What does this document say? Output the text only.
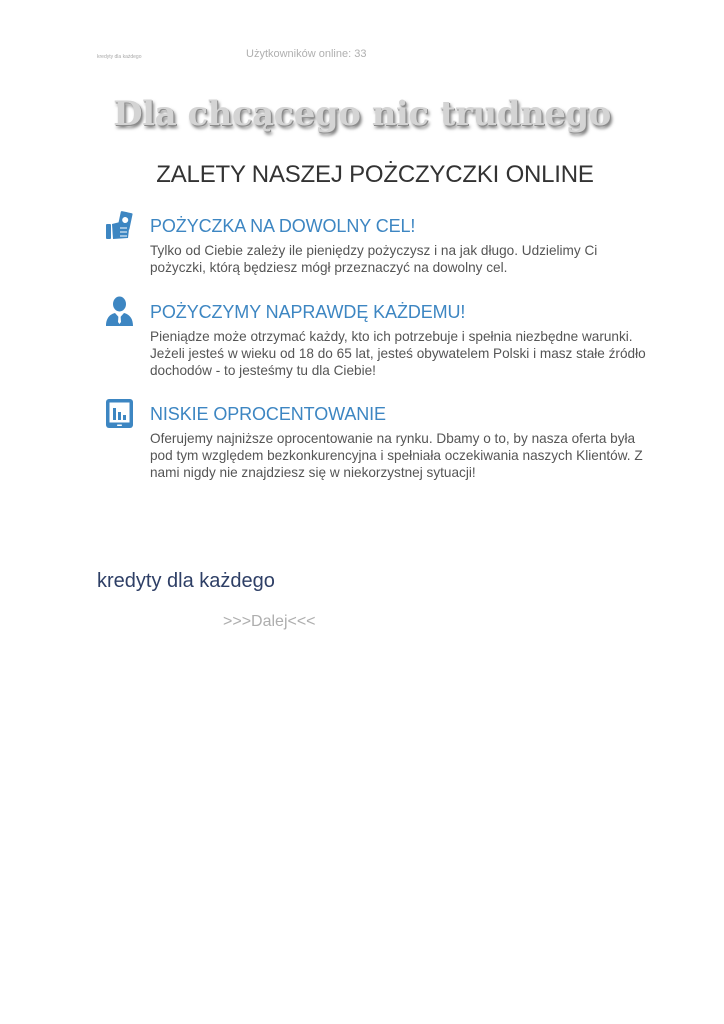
kredyty dla każdego	Użytkowników online: 33
Dla chcącego nic trudnego
ZALETY NASZEJ POŻCZYCZKI ONLINE
POŻYCZKA NA DOWOLNY CEL!
Tylko od Ciebie zależy ile pieniędzy pożyczysz i na jak długo. Udzielimy Ci pożyczki, którą będziesz mógł przeznaczyć na dowolny cel.
POŻYCZYMY NAPRAWDĘ KAŻDEMU!
Pieniądze może otrzymać każdy, kto ich potrzebuje i spełnia niezbędne warunki. Jeżeli jesteś w wieku od 18 do 65 lat, jesteś obywatelem Polski i masz stałe źródło dochodów - to jesteśmy tu dla Ciebie!
NISKIE OPROCENTOWANIE
Oferujemy najniższe oprocentowanie na rynku. Dbamy o to, by nasza oferta była pod tym względem bezkonkurencyjna i spełniała oczekiwania naszych Klientów. Z nami nigdy nie znajdziesz się w niekorzystnej sytuacji!
kredyty dla każdego
>>>Dalej<<<
